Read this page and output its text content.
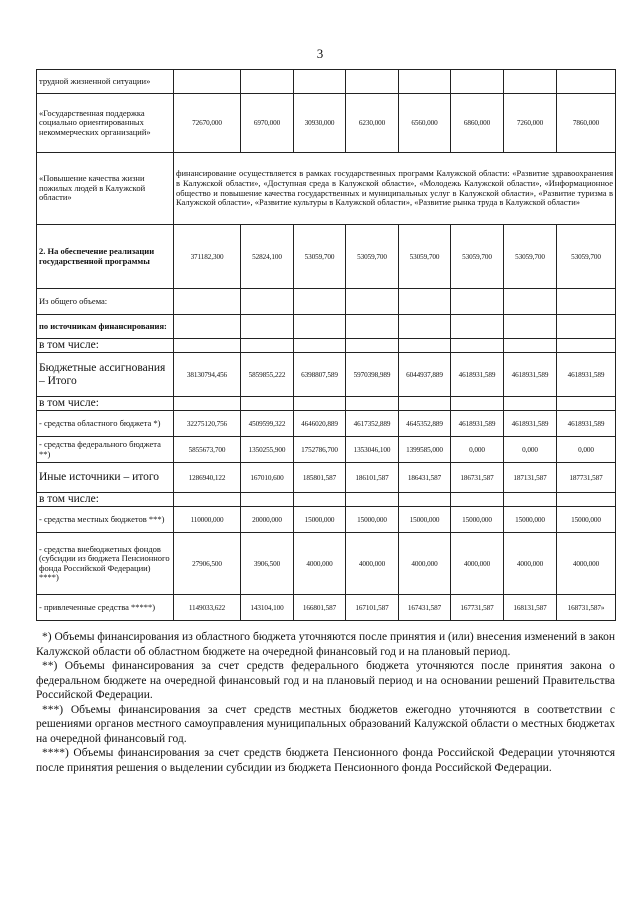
3
трудной жизненной ситуации»								
«Государственная поддержка социально ориентированных некоммерческих организаций»	72670,000	6970,000	30930,000	6230,000	6560,000	6860,000	7260,000	7860,000
«Повышение качества жизни пожилых людей в Калужской области»	финансирование осуществляется в рамках государственных программ Калужской области: «Развитие здравоохранения в Калужской области», «Доступная среда в Калужской области», «Молодежь Калужской области», «Информационное общество и повышение качества государственных и муниципальных услуг в Калужской области», «Развитие туризма в Калужской области», «Развитие культуры в Калужской области», «Развитие рынка труда в Калужской области»							
2. На обеспечение реализации государственной программы	371182,300	52824,100	53059,700	53059,700	53059,700	53059,700	53059,700	53059,700
Из общего объема:								
по источникам финансирования:								
в том числе:								
Бюджетные ассигнования – Итого	38130794,456	5859855,222	6398807,589	5970398,989	6044937,889	4618931,589	4618931,589	4618931,589
в том числе:								
- средства областного бюджета *)	32275120,756	4509599,322	4646020,889	4617352,889	4645352,889	4618931,589	4618931,589	4618931,589
- средства федерального бюджета **)	5855673,700	1350255,900	1752786,700	1353046,100	1399585,000	0,000	0,000	0,000
Иные источники – итого	1286940,122	167010,600	185801,587	186101,587	186431,587	186731,587	187131,587	187731,587
в том числе:								
- средства местных бюджетов ***)	110000,000	20000,000	15000,000	15000,000	15000,000	15000,000	15000,000	15000,000
- средства внебюджетных фондов (субсидии из бюджета Пенсионного фонда Российской Федерации) ****)	27906,500	3906,500	4000,000	4000,000	4000,000	4000,000	4000,000	4000,000
- привлеченные средства *****)	1149033,622	143104,100	166801,587	167101,587	167431,587	167731,587	168131,587	168731,587»

*) Объемы финансирования из областного бюджета уточняются после принятия и (или) внесения изменений в закон Калужской области об областном бюджете на очередной финансовый год и на плановый период.

**) Объемы финансирования за счет средств федерального бюджета уточняются после принятия закона о федеральном бюджете на очередной финансовый год и на плановый период и на основании решений Правительства Российской Федерации.

***) Объемы финансирования за счет средств местных бюджетов ежегодно уточняются в соответствии с решениями органов местного самоуправления муниципальных образований Калужской области о местных бюджетах на очередной финансовый год.

****) Объемы финансирования за счет средств бюджета Пенсионного фонда Российской Федерации уточняются после принятия решения о выделении субсидии из бюджета Пенсионного фонда Российской Федерации.
